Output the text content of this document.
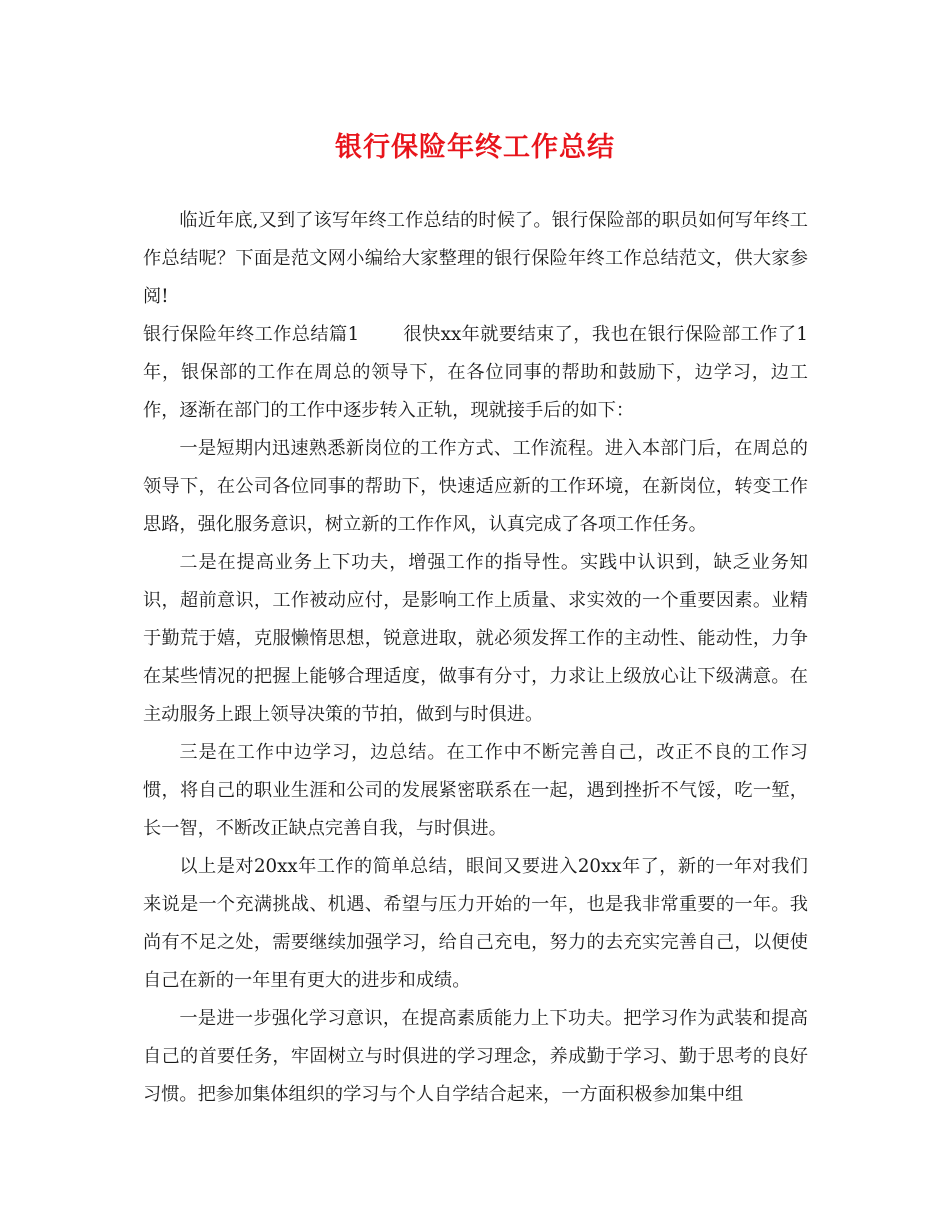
银行保险年终工作总结

临近年底,又到了该写年终工作总结的时候了。银行保险部的职员如何写年终工作总结呢？下面是范文网小编给大家整理的银行保险年终工作总结范文，供大家参阅!

银行保险年终工作总结篇1 很快xx年就要结束了，我也在银行保险部工作了1年，银保部的工作在周总的领导下，在各位同事的帮助和鼓励下，边学习，边工作，逐渐在部门的工作中逐步转入正轨，现就接手后的如下：

一是短期内迅速熟悉新岗位的工作方式、工作流程。进入本部门后，在周总的领导下，在公司各位同事的帮助下，快速适应新的工作环境，在新岗位，转变工作思路，强化服务意识，树立新的工作作风，认真完成了各项工作任务。

二是在提高业务上下功夫，增强工作的指导性。实践中认识到，缺乏业务知识，超前意识，工作被动应付，是影响工作上质量、求实效的一个重要因素。业精于勤荒于嬉，克服懒惰思想，锐意进取，就必须发挥工作的主动性、能动性，力争在某些情况的把握上能够合理适度，做事有分寸，力求让上级放心让下级满意。在主动服务上跟上领导决策的节拍，做到与时俱进。

三是在工作中边学习，边总结。在工作中不断完善自己，改正不良的工作习惯，将自己的职业生涯和公司的发展紧密联系在一起，遇到挫折不气馁，吃一堑，长一智，不断改正缺点完善自我，与时俱进。

以上是对20xx年工作的简单总结，眼间又要进入20xx年了，新的一年对我们来说是一个充满挑战、机遇、希望与压力开始的一年，也是我非常重要的一年。我尚有不足之处，需要继续加强学习，给自己充电，努力的去充实完善自己，以便使自己在新的一年里有更大的进步和成绩。

一是进一步强化学习意识，在提高素质能力上下功夫。把学习作为武装和提高自己的首要任务，牢固树立与时俱进的学习理念，养成勤于学习、勤于思考的良好习惯。把参加集体组织的学习与个人自学结合起来，一方面积极参加集中组
